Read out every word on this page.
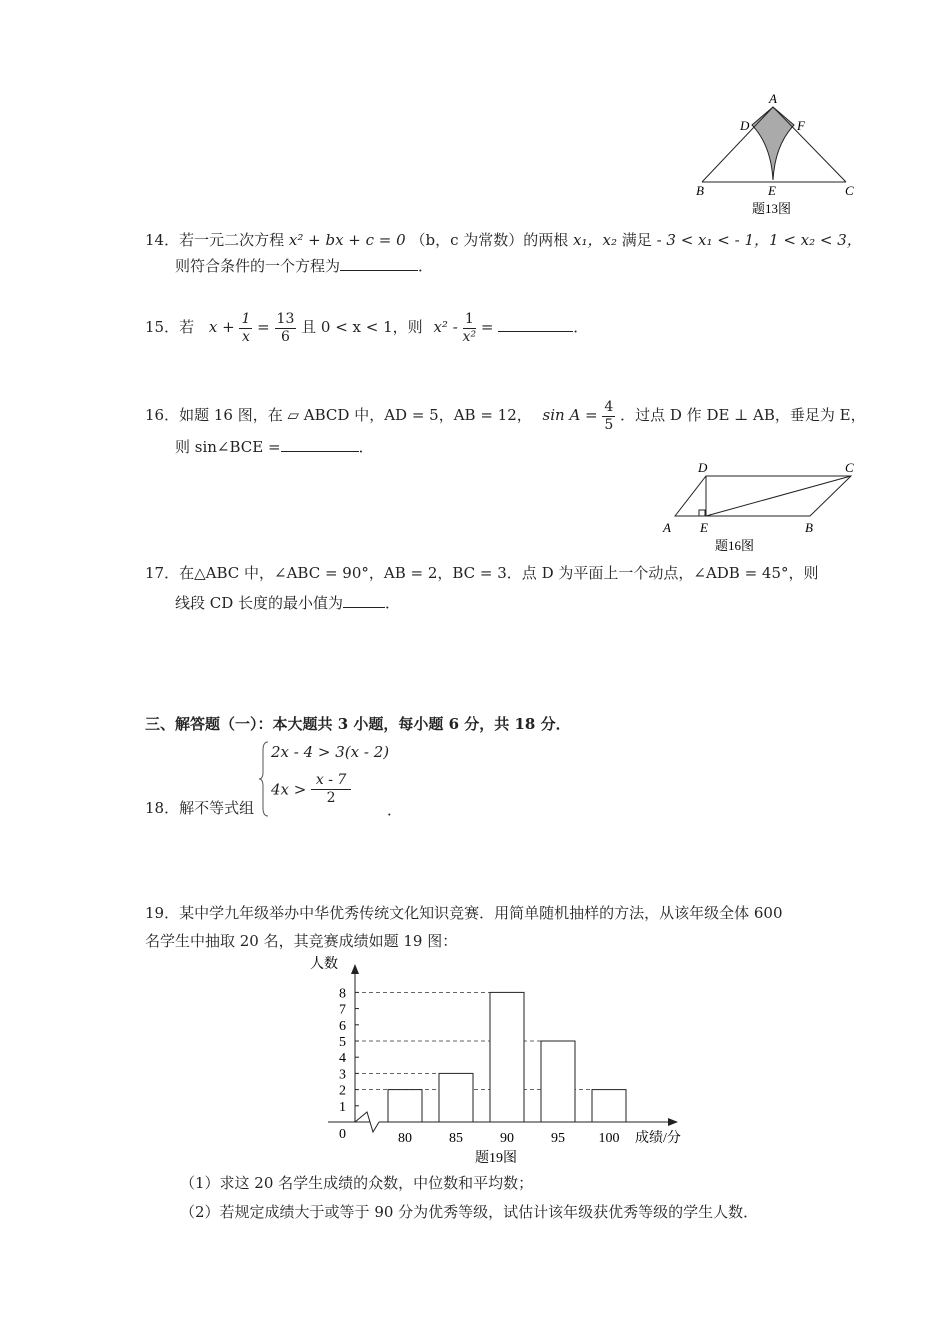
A
D	F
B	E	C
题13图
14．若一元二次方程 x² + bx + c = 0 （b，c 为常数）的两根 x₁，x₂ 满足 - 3 < x₁ < - 1，1 < x₂ < 3，
则符合条件的一个方程为	．
15．若 $x + \frac{1}{x} = \frac{13}{6}$ 且 0 < x < 1，则 $x^2 - \frac{1}{\text{x²}}$ =	．
16．如题 16 图，在 ▱ ABCD 中，AD = 5，AB = 12， $\sin A = \frac{4}{5}$ ．过点 D 作 DE ⊥ AB，垂足为 E，
则 sin∠BCE =	．
D	C
A E	B
题16图
17．在△ABC 中，∠ABC = 90°，AB = 2，BC = 3．点 D 为平面上一个动点，∠ADB = 45°，则
线段 CD 长度的最小值为	．
三、解答题（一）：本大题共 3 小题，每小题 6 分，共 18 分．
18．解不等式组
2x - 4 > 3(x - 2)
$4x > \frac{x - 7}{2}$
．
19．某中学九年级举办中华优秀传统文化知识竞赛．用简单随机抽样的方法，从该年级全体 600
名学生中抽取 20 名，其竞赛成绩如题 19 图：
0
1
2
3
4
5
6
7
8
80	85	90	95 100
人数
成绩/分
题19图
（1）求这 20 名学生成绩的众数，中位数和平均数；
（2）若规定成绩大于或等于 90 分为优秀等级，试估计该年级获优秀等级的学生人数．
